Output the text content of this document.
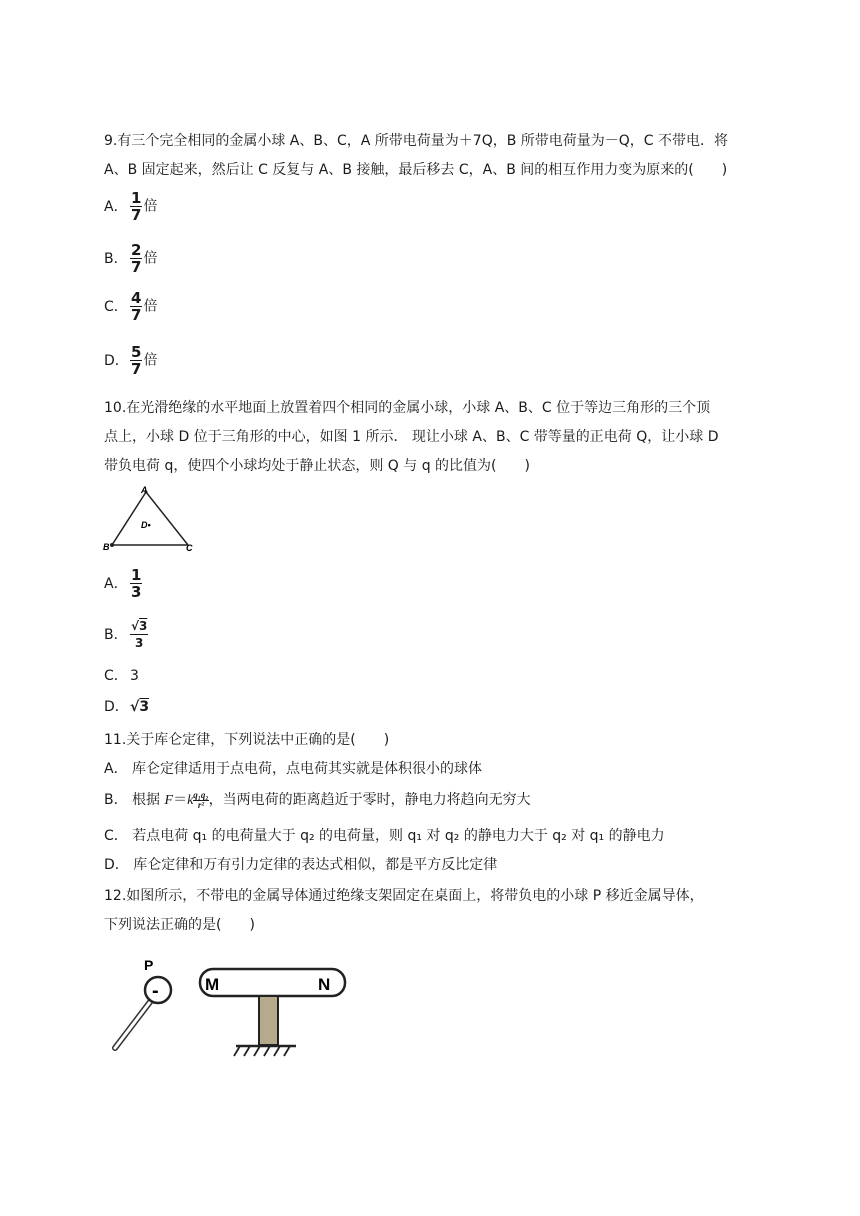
9.有三个完全相同的金属小球 A、B、C，A 所带电荷量为＋7Q，B 所带电荷量为－Q，C 不带电．将
A、B 固定起来，然后让 C 反复与 A、B 接触，最后移去 C，A、B 间的相互作用力变为原来的(　　)
A． $\frac{1}{7}$ 倍
B． $\frac{2}{7}$ 倍
C． $\frac{4}{7}$ 倍
D． $\frac{5}{7}$ 倍
10.在光滑绝缘的水平地面上放置着四个相同的金属小球，小球 A、B、C 位于等边三角形的三个顶
点上，小球 D 位于三角形的中心，如图 1 所示． 现让小球 A、B、C 带等量的正电荷 Q，让小球 D
带负电荷 q，使四个小球均处于静止状态，则 Q 与 q 的比值为(　　)
A
B	C
D•
A． $\frac{1}{3}$
B． $\frac{√3}{3}$
C． 3
D．√3
11.关于库仑定律，下列说法中正确的是(　　)
A． 库仑定律适用于点电荷，点电荷其实就是体积很小的球体
B． 根据 $F=k \frac{\text{q₁q₂}}{\text{r²}}$ ，当两电荷的距离趋近于零时，静电力将趋向无穷大
C． 若点电荷 q₁ 的电荷量大于 q₂ 的电荷量，则 q₁ 对 q₂ 的静电力大于 q₂ 对 q₁ 的静电力
D． 库仑定律和万有引力定律的表达式相似，都是平方反比定律
12.如图所示，不带电的金属导体通过绝缘支架固定在桌面上，将带负电的小球 P 移近金属导体，
下列说法正确的是(　　)
-
P
M	N
